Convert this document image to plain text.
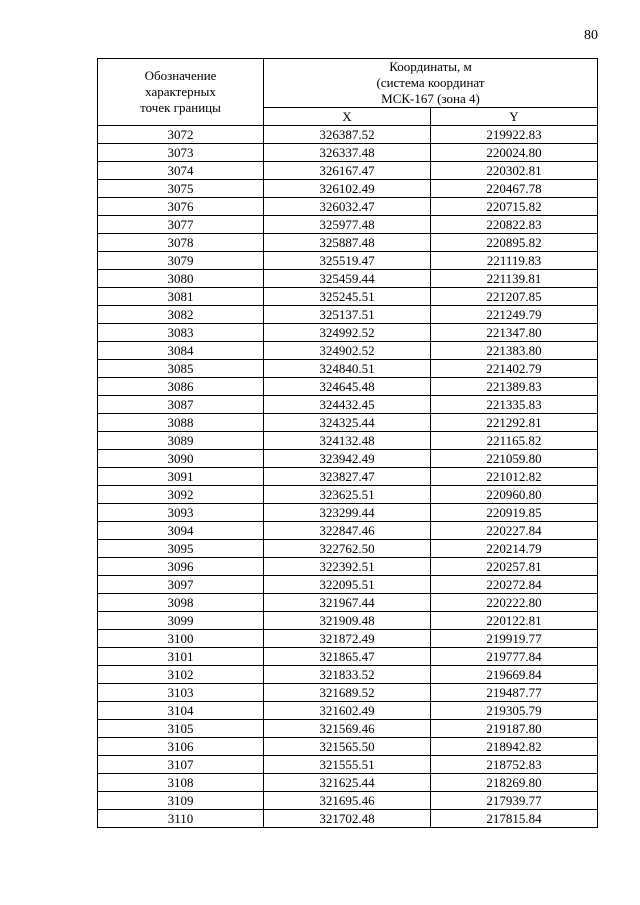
80
Обозначение
характерных
точек границы	Координаты, м
(система координат
МСК-167 (зона 4)	

	X	Y
3072	326387.52	219922.83
3073	326337.48	220024.80
3074	326167.47	220302.81
3075	326102.49	220467.78
3076	326032.47	220715.82
3077	325977.48	220822.83
3078	325887.48	220895.82
3079	325519.47	221119.83
3080	325459.44	221139.81
3081	325245.51	221207.85
3082	325137.51	221249.79
3083	324992.52	221347.80
3084	324902.52	221383.80
3085	324840.51	221402.79
3086	324645.48	221389.83
3087	324432.45	221335.83
3088	324325.44	221292.81
3089	324132.48	221165.82
3090	323942.49	221059.80
3091	323827.47	221012.82
3092	323625.51	220960.80
3093	323299.44	220919.85
3094	322847.46	220227.84
3095	322762.50	220214.79
3096	322392.51	220257.81
3097	322095.51	220272.84
3098	321967.44	220222.80
3099	321909.48	220122.81
3100	321872.49	219919.77
3101	321865.47	219777.84
3102	321833.52	219669.84
3103	321689.52	219487.77
3104	321602.49	219305.79
3105	321569.46	219187.80
3106	321565.50	218942.82
3107	321555.51	218752.83
3108	321625.44	218269.80
3109	321695.46	217939.77
3110	321702.48	217815.84
